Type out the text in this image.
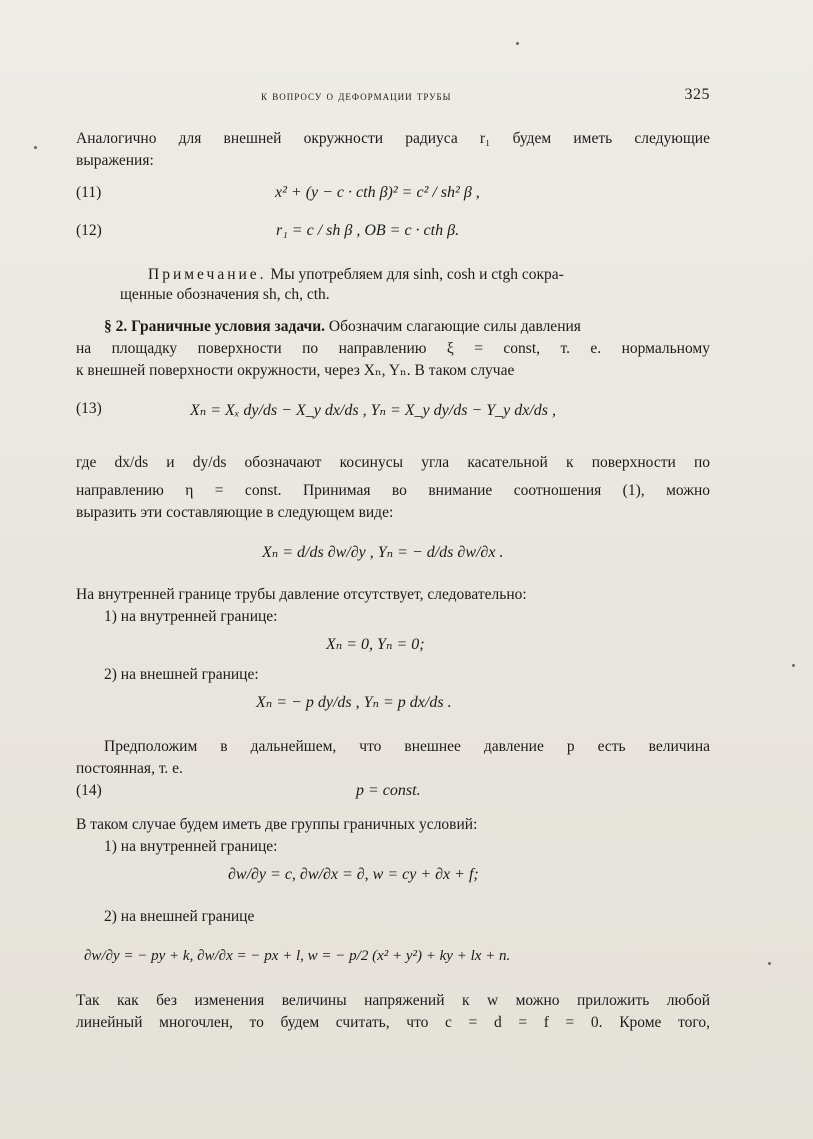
к вопросу о деформации трубы	325
Аналогично для внешней окружности радиуса r₁ будем иметь следующие
выражения:
(11)	x² + (y − c · cth β)² = c² / sh² β ,
(12)	r₁ = c / sh β , OB = c · cth β.
Примечание. Мы употребляем для sinh, cosh и ctgh сокра-
щенные обозначения sh, ch, cth.
§ 2. Граничные условия задачи. Обозначим слагающие силы давления
на площадку поверхности по направлению ξ = const, т. е. нормальному
к внешней поверхности окружности, через Xₙ, Yₙ. В таком случае
(13)	Xₙ = Xₓ dy/ds − X_y dx/ds , Yₙ = X_y dy/ds − Y_y dx/ds ,
где dx/ds и dy/ds обозначают косинусы угла касательной к поверхности по
направлению η = const. Принимая во внимание соотношения (1), можно
выразить эти составляющие в следующем виде:
Xₙ = d/ds ∂w/∂y , Yₙ = − d/ds ∂w/∂x .
На внутренней границе трубы давление отсутствует, следовательно:
1) на внутренней границе:
Xₙ = 0, Yₙ = 0;
2) на внешней границе:
Xₙ = − p dy/ds , Yₙ = p dx/ds .
Предположим в дальнейшем, что внешнее давление p есть величина
постоянная, т. е.
(14)	p = const.
В таком случае будем иметь две группы граничных условий:
1) на внутренней границе:
∂w/∂y = c, ∂w/∂x = ∂, w = cy + ∂x + f;
2) на внешней границе
∂w/∂y = − py + k, ∂w/∂x = − px + l, w = − p/2 (x² + y²) + ky + lx + n.
Так как без изменения величины напряжений к w можно приложить любой
линейный многочлен, то будем считать, что c = d = f = 0. Кроме того,
